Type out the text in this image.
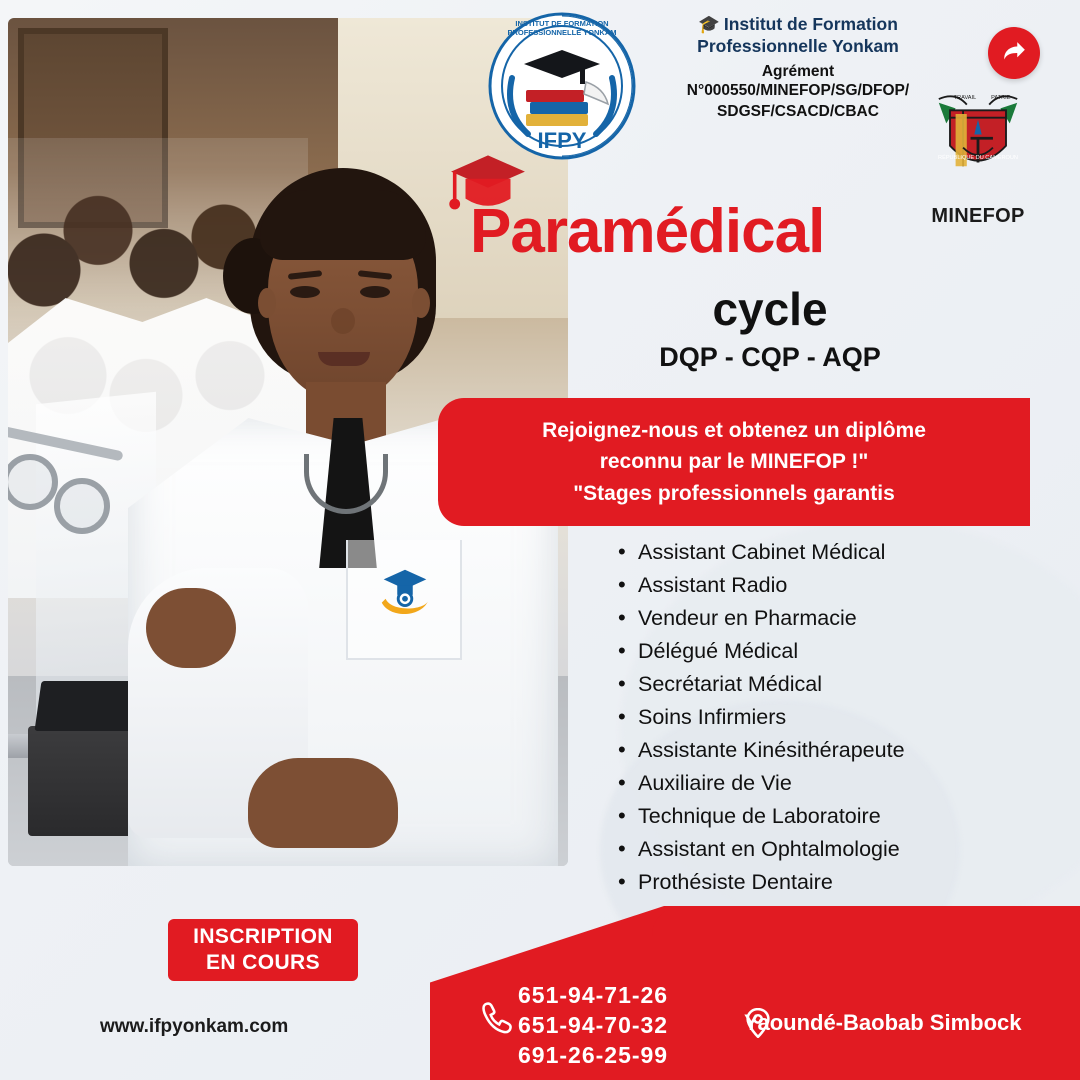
INSTITUT DE FORMATION
PROFESSIONNELLE YONKAM
IFPY
🎓 Institut de Formation
Professionnelle Yonkam
Agrément
N°000550/MINEFOP/SG/DFOP/
SDGSF/CSACD/CBAC
TRAVAIL PATRIE
RÉPUBLIQUE DU CAMEROUN
MINEFOP
Paramédical
cycle
DQP - CQP - AQP
Rejoignez-nous et obtenez un diplôme
reconnu par le MINEFOP !"
"Stages professionnels garantis
• Assistant Cabinet Médical
• Assistant Radio
• Vendeur en Pharmacie
• Délégué Médical
• Secrétariat Médical
• Soins Infirmiers
• Assistante Kinésithérapeute
• Auxiliaire de Vie
• Technique de Laboratoire
• Assistant en Ophtalmologie
• Prothésiste Dentaire
INSCRIPTION
EN COURS
651-94-71-26
651-94-70-32
691-26-25-99
Yaoundé-Baobab Simbock
www.ifpyonkam.com
